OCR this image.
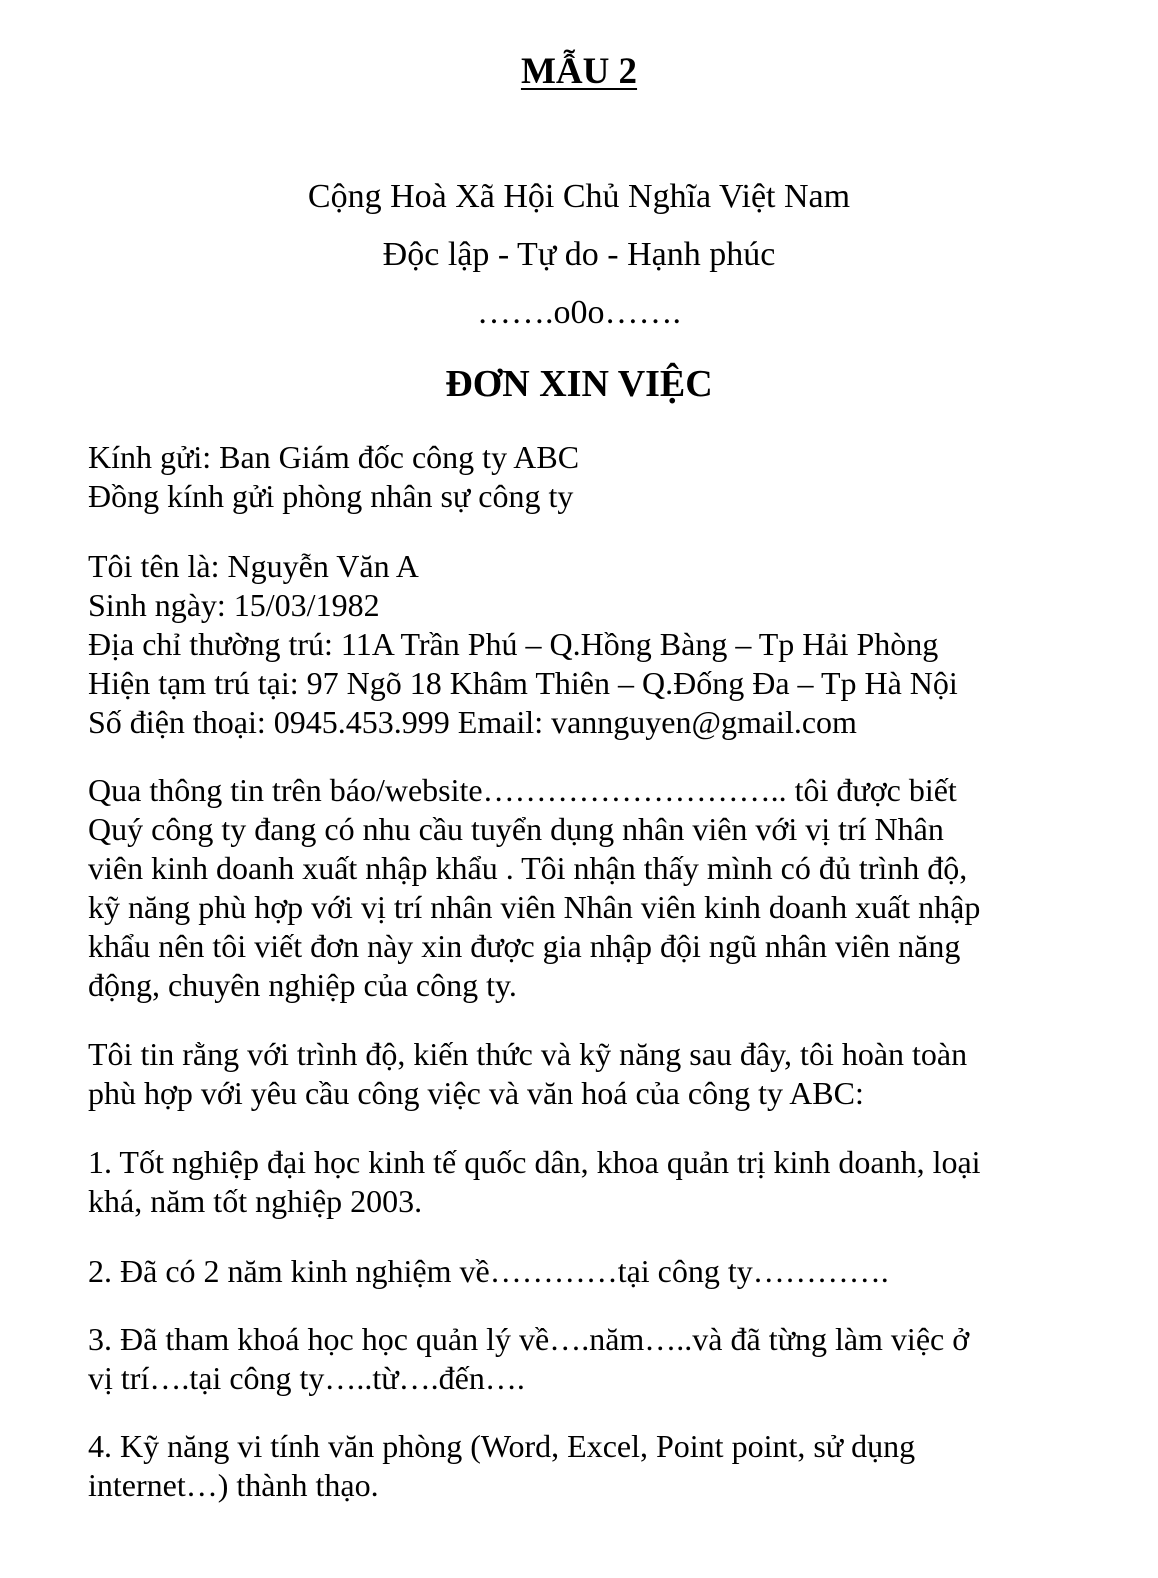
MẪU 2
Cộng Hoà Xã Hội Chủ Nghĩa Việt Nam
Độc lập - Tự do - Hạnh phúc
…….o0o…….
ĐƠN XIN VIỆC
Kính gửi: Ban Giám đốc công ty ABC
Đồng kính gửi phòng nhân sự công ty
Tôi tên là: Nguyễn Văn A
Sinh ngày: 15/03/1982
Địa chỉ thường trú: 11A Trần Phú – Q.Hồng Bàng – Tp Hải Phòng
Hiện tạm trú tại: 97 Ngõ 18 Khâm Thiên – Q.Đống Đa – Tp Hà Nội
Số điện thoại: 0945.453.999 Email: vannguyen@gmail.com
Qua thông tin trên báo/website……………………….. tôi được biết
Quý công ty đang có nhu cầu tuyển dụng nhân viên với vị trí Nhân
viên kinh doanh xuất nhập khẩu . Tôi nhận thấy mình có đủ trình độ,
kỹ năng phù hợp với vị trí nhân viên Nhân viên kinh doanh xuất nhập
khẩu nên tôi viết đơn này xin được gia nhập đội ngũ nhân viên năng
động, chuyên nghiệp của công ty.
Tôi tin rằng với trình độ, kiến thức và kỹ năng sau đây, tôi hoàn toàn
phù hợp với yêu cầu công việc và văn hoá của công ty ABC:
1. Tốt nghiệp đại học kinh tế quốc dân, khoa quản trị kinh doanh, loại
khá, năm tốt nghiệp 2003.
2. Đã có 2 năm kinh nghiệm về…………tại công ty………….
3. Đã tham khoá học học quản lý về….năm…..và đã từng làm việc ở
vị trí….tại công ty…..từ….đến….
4. Kỹ năng vi tính văn phòng (Word, Excel, Point point, sử dụng
internet…) thành thạo.
